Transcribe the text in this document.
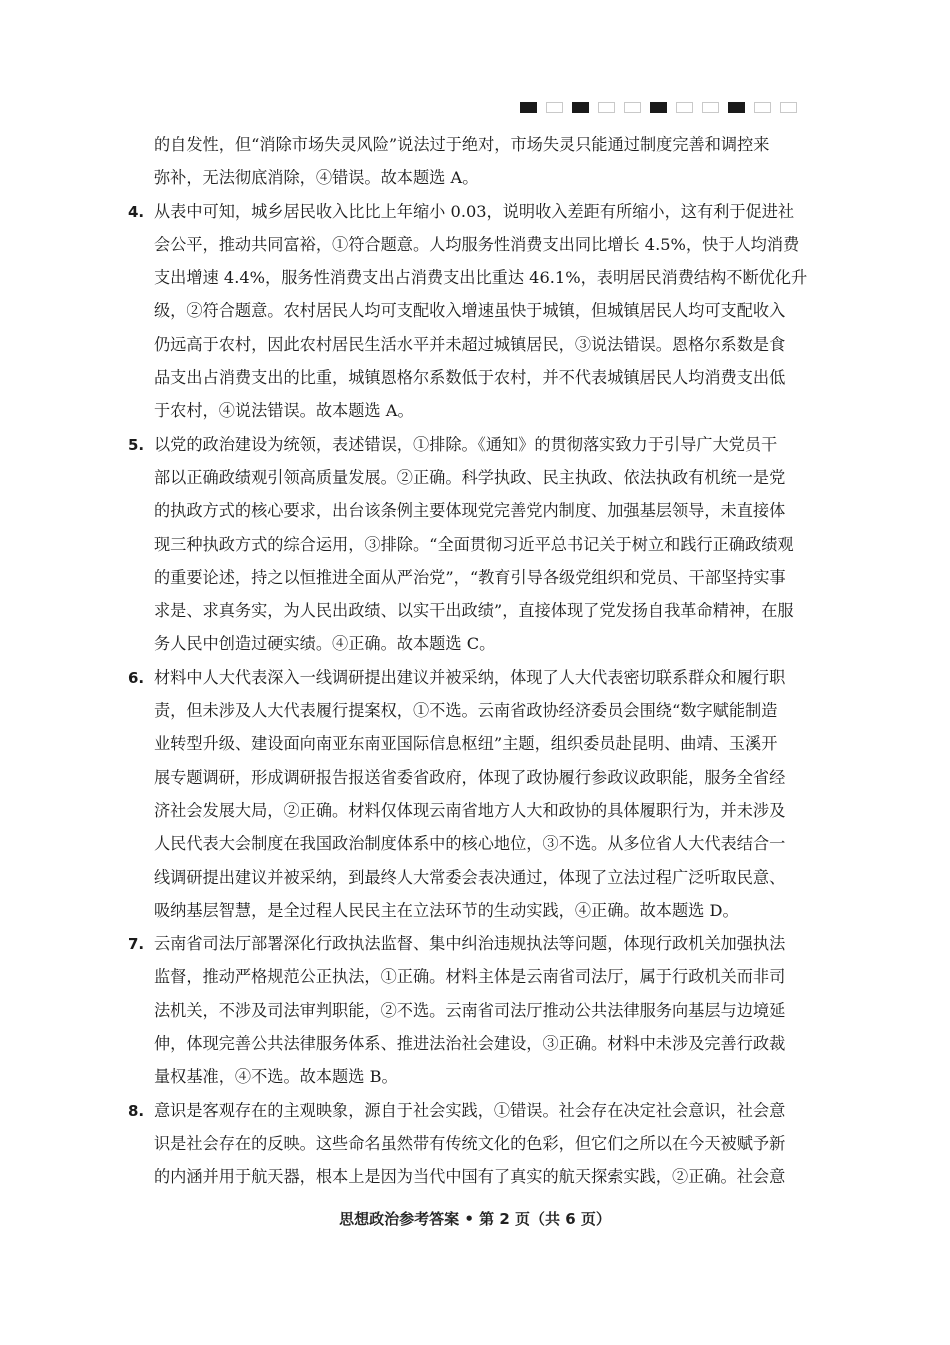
的自发性，但“消除市场失灵风险”说法过于绝对，市场失灵只能通过制度完善和调控来
弥补，无法彻底消除，④错误。故本题选 A。
4. 从表中可知，城乡居民收入比比上年缩小 0.03，说明收入差距有所缩小，这有利于促进社
会公平，推动共同富裕，①符合题意。人均服务性消费支出同比增长 4.5%，快于人均消费
支出增速 4.4%，服务性消费支出占消费支出比重达 46.1%，表明居民消费结构不断优化升
级，②符合题意。农村居民人均可支配收入增速虽快于城镇，但城镇居民人均可支配收入
仍远高于农村，因此农村居民生活水平并未超过城镇居民，③说法错误。恩格尔系数是食
品支出占消费支出的比重，城镇恩格尔系数低于农村，并不代表城镇居民人均消费支出低
于农村，④说法错误。故本题选 A。
5. 以党的政治建设为统领，表述错误，①排除。《通知》的贯彻落实致力于引导广大党员干
部以正确政绩观引领高质量发展。②正确。科学执政、民主执政、依法执政有机统一是党
的执政方式的核心要求，出台该条例主要体现党完善党内制度、加强基层领导，未直接体
现三种执政方式的综合运用，③排除。“全面贯彻习近平总书记关于树立和践行正确政绩观
的重要论述，持之以恒推进全面从严治党”，“教育引导各级党组织和党员、干部坚持实事
求是、求真务实，为人民出政绩、以实干出政绩”，直接体现了党发扬自我革命精神，在服
务人民中创造过硬实绩。④正确。故本题选 C。
6. 材料中人大代表深入一线调研提出建议并被采纳，体现了人大代表密切联系群众和履行职
责，但未涉及人大代表履行提案权，①不选。云南省政协经济委员会围绕“数字赋能制造
业转型升级、建设面向南亚东南亚国际信息枢纽”主题，组织委员赴昆明、曲靖、玉溪开
展专题调研，形成调研报告报送省委省政府，体现了政协履行参政议政职能，服务全省经
济社会发展大局，②正确。材料仅体现云南省地方人大和政协的具体履职行为，并未涉及
人民代表大会制度在我国政治制度体系中的核心地位，③不选。从多位省人大代表结合一
线调研提出建议并被采纳，到最终人大常委会表决通过，体现了立法过程广泛听取民意、
吸纳基层智慧，是全过程人民民主在立法环节的生动实践，④正确。故本题选 D。
7. 云南省司法厅部署深化行政执法监督、集中纠治违规执法等问题，体现行政机关加强执法
监督，推动严格规范公正执法，①正确。材料主体是云南省司法厅，属于行政机关而非司
法机关，不涉及司法审判职能，②不选。云南省司法厅推动公共法律服务向基层与边境延
伸，体现完善公共法律服务体系、推进法治社会建设，③正确。材料中未涉及完善行政裁
量权基准，④不选。故本题选 B。
8. 意识是客观存在的主观映象，源自于社会实践，①错误。社会存在决定社会意识，社会意
识是社会存在的反映。这些命名虽然带有传统文化的色彩，但它们之所以在今天被赋予新
的内涵并用于航天器，根本上是因为当代中国有了真实的航天探索实践，②正确。社会意
思想政治参考答案 • 第 2 页（共 6 页）
